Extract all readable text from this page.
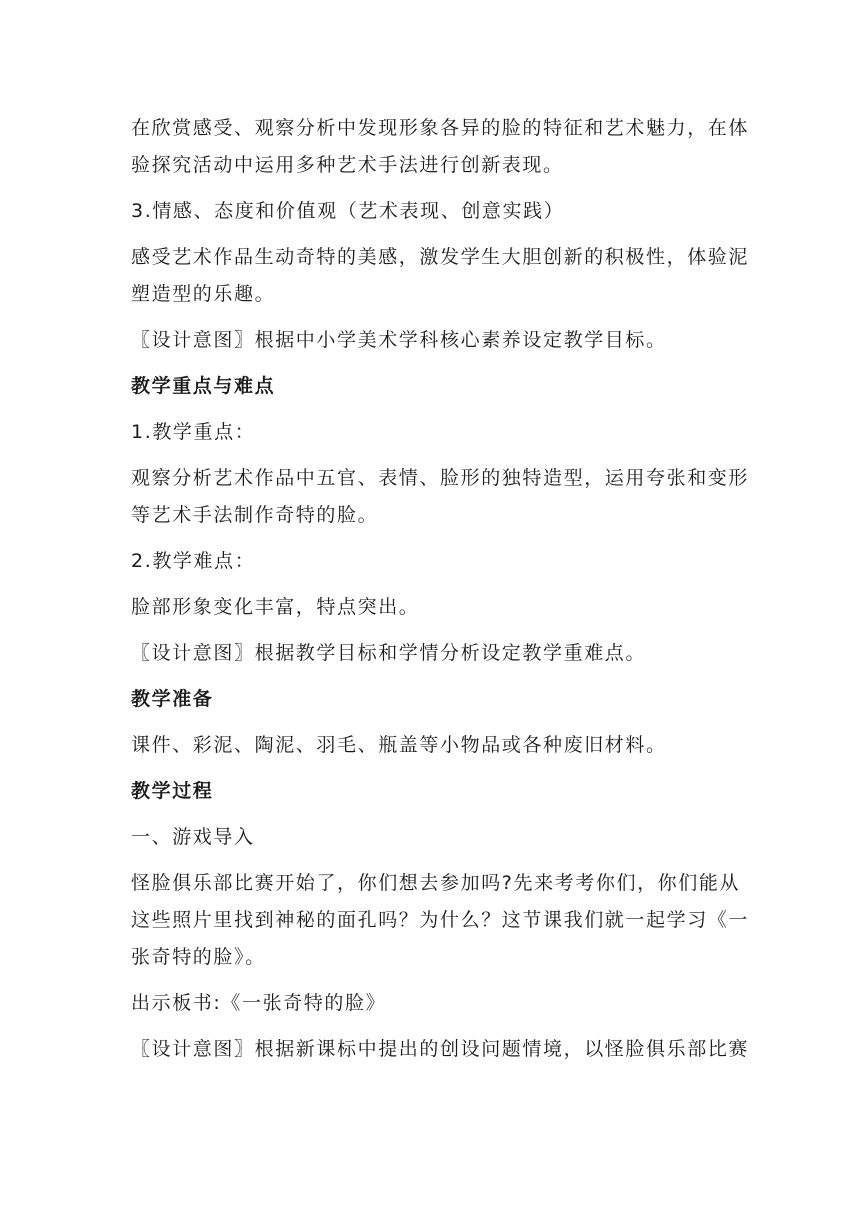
在欣赏感受、观察分析中发现形象各异的脸的特征和艺术魅力，在体
验探究活动中运用多种艺术手法进行创新表现。
3.情感、态度和价值观（艺术表现、创意实践）
感受艺术作品生动奇特的美感，激发学生大胆创新的积极性，体验泥
塑造型的乐趣。
〖设计意图〗根据中小学美术学科核心素养设定教学目标。
教学重点与难点
1.教学重点：
观察分析艺术作品中五官、表情、脸形的独特造型，运用夸张和变形
等艺术手法制作奇特的脸。
2.教学难点：
脸部形象变化丰富，特点突出。
〖设计意图〗根据教学目标和学情分析设定教学重难点。
教学准备
课件、彩泥、陶泥、羽毛、瓶盖等小物品或各种废旧材料。
教学过程
一、游戏导入
怪脸俱乐部比赛开始了，你们想去参加吗?先来考考你们，你们能从
这些照片里找到神秘的面孔吗？为什么？这节课我们就一起学习《一
张奇特的脸》。
出示板书:《一张奇特的脸》
〖设计意图〗根据新课标中提出的创设问题情境，以怪脸俱乐部比赛
